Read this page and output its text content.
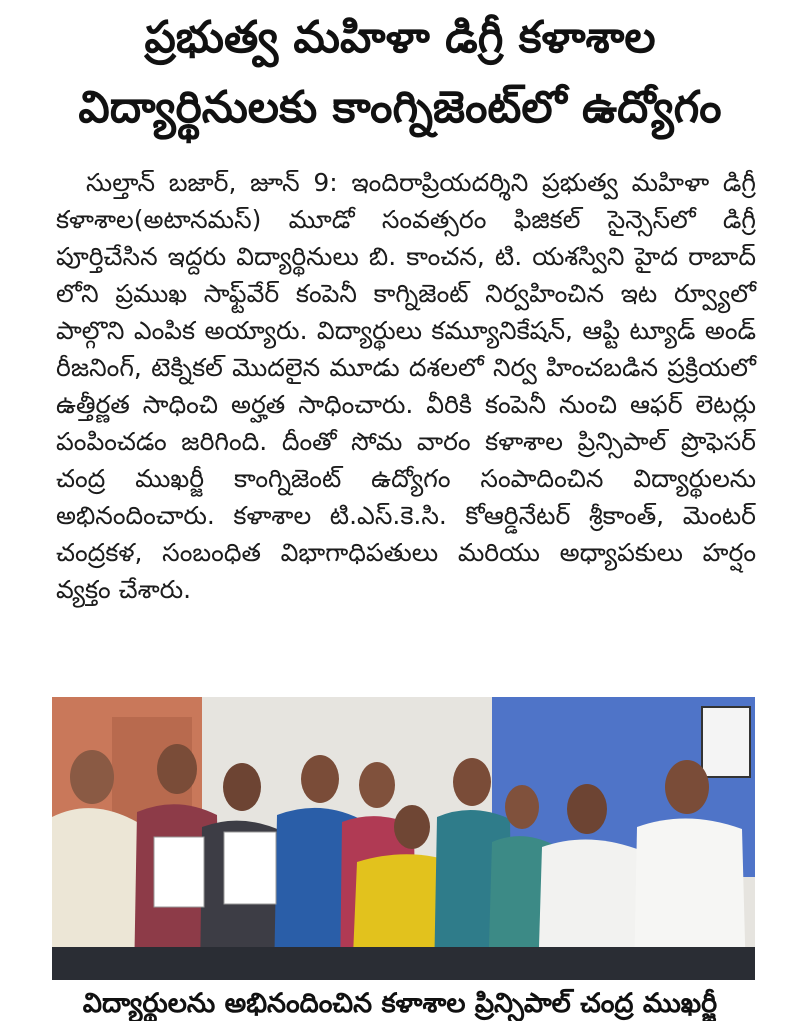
ప్రభుత్వ మహిళా డిగ్రీ కళాశాల
విద్యార్థినులకు కాంగ్నిజెంట్‌లో ఉద్యోగం
సుల్తాన్ బజార్, జూన్ 9: ఇందిరాప్రియదర్శిని ప్రభుత్వ మహిళా డిగ్రీ కళాశాల(అటానమస్) మూడో సంవత్సరం ఫిజికల్ సైన్సెస్‌లో డిగ్రీ పూర్తిచేసిన ఇద్దరు విద్యార్థినులు బి. కాంచన, టి. యశస్విని హైద రాబాద్ లోని ప్రముఖ సాఫ్ట్‌వేర్ కంపెనీ కాగ్నిజెంట్ నిర్వహించిన ఇట ర్వ్యూలో పాల్గొని ఎంపిక అయ్యారు. విద్యార్థులు కమ్యూనికేషన్, ఆప్టి ట్యూడ్ అండ్ రీజనింగ్, టెక్నికల్ మొదలైన మూడు దశలలో నిర్వ హించబడిన ప్రక్రియలో ఉత్తీర్ణత సాధించి అర్హత సాధించారు. వీరికి కంపెనీ నుంచి ఆఫర్ లెటర్లు పంపించడం జరిగింది. దీంతో సోమ వారం కళాశాల ప్రిన్సిపాల్ ప్రొఫెసర్ చంద్ర ముఖర్జీ కాంగ్నిజెంట్ ఉద్యోగం సంపాదించిన విద్యార్థులను అభినందించారు. కళాశాల టి.ఎస్.కె.సి. కోఆర్డినేటర్ శ్రీకాంత్, మెంటర్ చంద్రకళ, సంబంధిత విభాగాధిపతులు మరియు అధ్యాపకులు హర్షం వ్యక్తం చేశారు.
విద్యార్థులను అభినందించిన కళాశాల ప్రిన్సిపాల్ చంద్ర ముఖర్జీ
